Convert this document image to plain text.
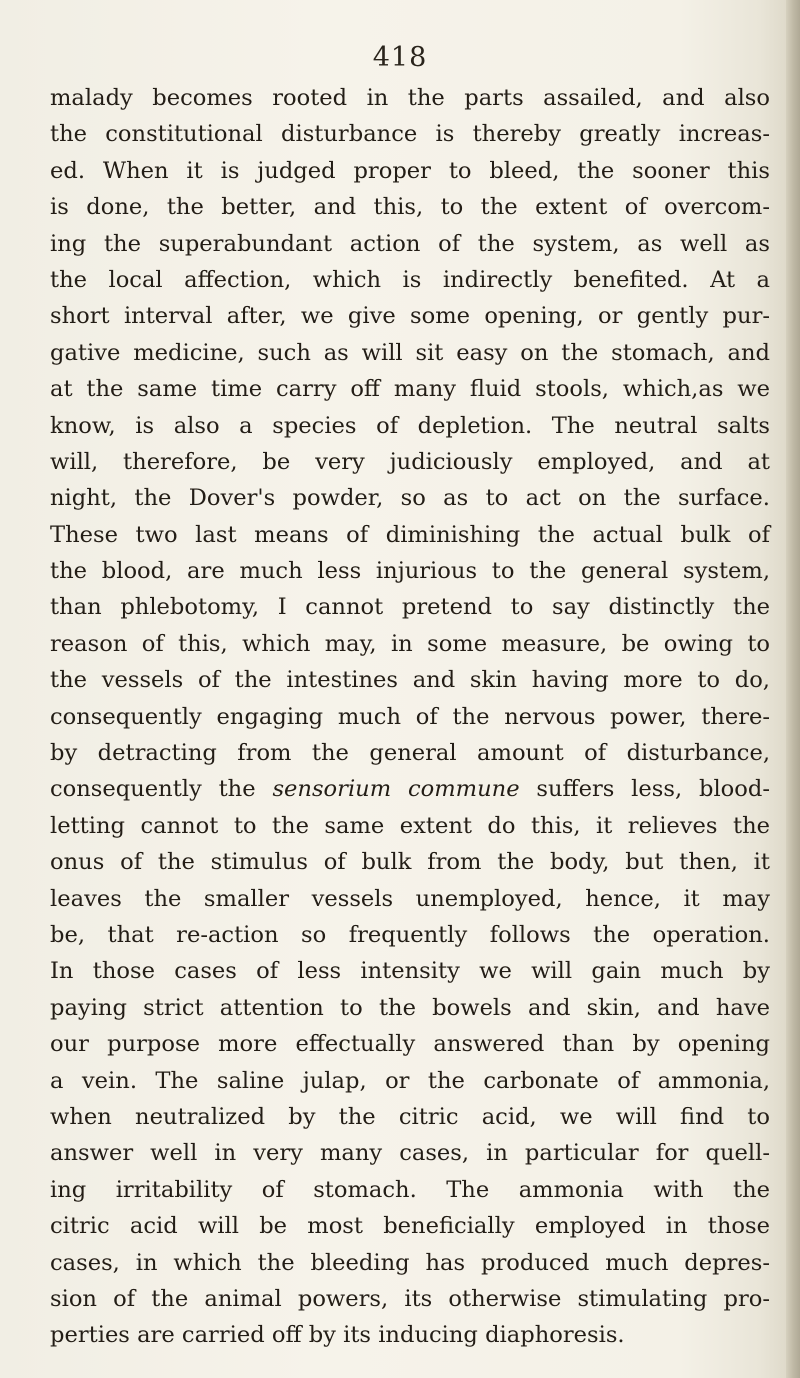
418
malady becomes rooted in the parts assailed, and also
the constitutional disturbance is thereby greatly increas-
ed. When it is judged proper to bleed, the sooner this
is done, the better, and this, to the extent of overcom-
ing the superabundant action of the system, as well as
the local affection, which is indirectly benefited. At a
short interval after, we give some opening, or gently pur-
gative medicine, such as will sit easy on the stomach, and
at the same time carry off many fluid stools, which,as we
know, is also a species of depletion. The neutral salts
will, therefore, be very judiciously employed, and at
night, the Dover's powder, so as to act on the surface.
These two last means of diminishing the actual bulk of
the blood, are much less injurious to the general system,
than phlebotomy, I cannot pretend to say distinctly the
reason of this, which may, in some measure, be owing to
the vessels of the intestines and skin having more to do,
consequently engaging much of the nervous power, there-
by detracting from the general amount of disturbance,
consequently the sensorium commune suffers less, blood-
letting cannot to the same extent do this, it relieves the
onus of the stimulus of bulk from the body, but then, it
leaves the smaller vessels unemployed, hence, it may
be, that re-action so frequently follows the operation.
In those cases of less intensity we will gain much by
paying strict attention to the bowels and skin, and have
our purpose more effectually answered than by opening
a vein. The saline julap, or the carbonate of ammonia,
when neutralized by the citric acid, we will find to
answer well in very many cases, in particular for quell-
ing irritability of stomach. The ammonia with the
citric acid will be most beneficially employed in those
cases, in which the bleeding has produced much depres-
sion of the animal powers, its otherwise stimulating pro-
perties are carried off by its inducing diaphoresis.
